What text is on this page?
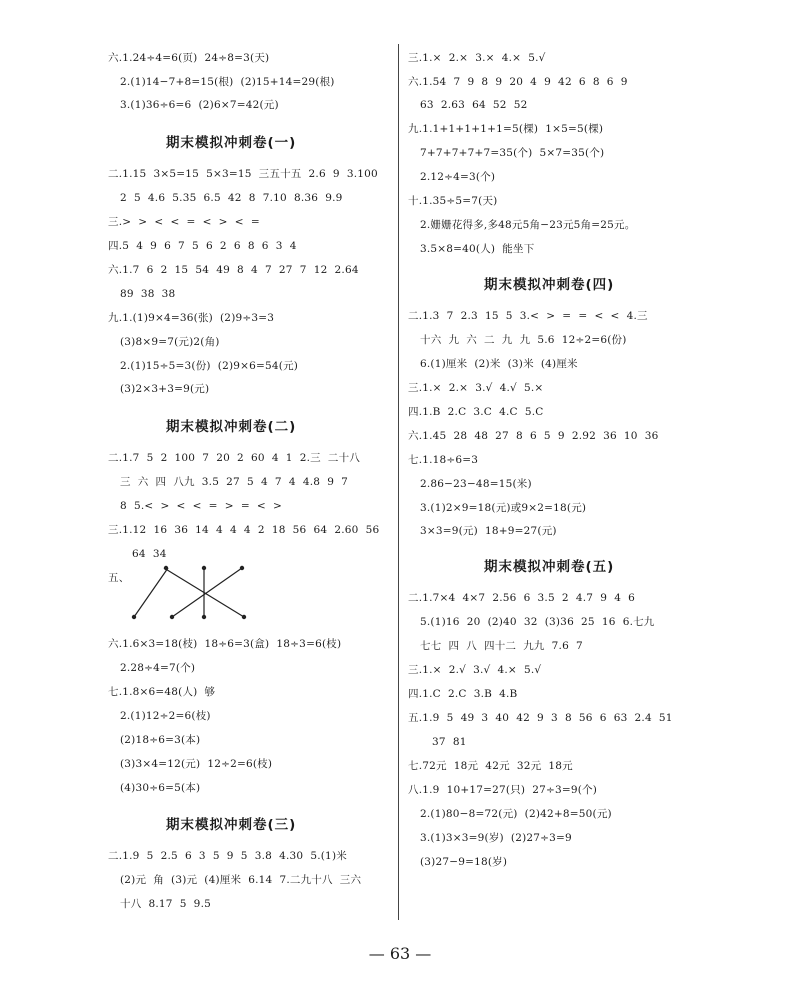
六.1.24÷4=6(页)  24÷8=3(天)
2.(1)14−7+8=15(根)  (2)15+14=29(根)
3.(1)36÷6=6  (2)6×7=42(元)
期末模拟冲刺卷(一)
二.1.15  3×5=15  5×3=15  三五十五  2.6  9  3.100
2  5  4.6  5.35  6.5  42  8  7.10  8.36  9.9
三.>  >  <  <  =  <  >  <  =
四.5  4  9  6  7  5  6  2  6  8  6  3  4
六.1.7  6  2  15  54  49  8  4  7  27  7  12  2.64
89  38  38
九.1.(1)9×4=36(张)  (2)9÷3=3
(3)8×9=7(元)2(角)
2.(1)15÷5=3(份)  (2)9×6=54(元)
(3)2×3+3=9(元)
期末模拟冲刺卷(二)
二.1.7  5  2  100  7  20  2  60  4  1  2.三  二十八
三  六  四  八九  3.5  27  5  4  7  4  4.8  9  7
8  5.<  >  <  <  =  >  =  <  >
三.1.12  16  36  14  4  4  4  2  18  56  64  2.60  56
64  34
五、
六.1.6×3=18(枝)  18÷6=3(盒)  18÷3=6(枝)
2.28÷4=7(个)
七.1.8×6=48(人)  够
2.(1)12÷2=6(枝)
(2)18÷6=3(本)
(3)3×4=12(元)  12÷2=6(枝)
(4)30÷6=5(本)
期末模拟冲刺卷(三)
二.1.9  5  2.5  6  3  5  9  5  3.8  4.30  5.(1)米
(2)元  角  (3)元  (4)厘米  6.14  7.二九十八  三六
十八  8.17  5  9.5
三.1.×  2.×  3.×  4.×  5.√
六.1.54  7  9  8  9  20  4  9  42  6  8  6  9
63  2.63  64  52  52
九.1.1+1+1+1+1=5(棵)  1×5=5(棵)
7+7+7+7+7=35(个)  5×7=35(个)
2.12÷4=3(个)
十.1.35÷5=7(天)
2.姗姗花得多,多48元5角−23元5角=25元。
3.5×8=40(人)  能坐下
期末模拟冲刺卷(四)
二.1.3  7  2.3  15  5  3.<  >  =  =  <  <  4.三
十六  九  六  二  九  九  5.6  12÷2=6(份)
6.(1)厘米  (2)米  (3)米  (4)厘米
三.1.×  2.×  3.√  4.√  5.×
四.1.B  2.C  3.C  4.C  5.C
六.1.45  28  48  27  8  6  5  9  2.92  36  10  36
七.1.18÷6=3
2.86−23−48=15(米)
3.(1)2×9=18(元)或9×2=18(元)
3×3=9(元)  18+9=27(元)
期末模拟冲刺卷(五)
二.1.7×4  4×7  2.56  6  3.5  2  4.7  9  4  6
5.(1)16  20  (2)40  32  (3)36  25  16  6.七九
七七  四  八  四十二  九九  7.6  7
三.1.×  2.√  3.√  4.×  5.√
四.1.C  2.C  3.B  4.B
五.1.9  5  49  3  40  42  9  3  8  56  6  63  2.4  51
37  81
七.72元  18元  42元  32元  18元
八.1.9  10+17=27(只)  27÷3=9(个)
2.(1)80−8=72(元)  (2)42+8=50(元)
3.(1)3×3=9(岁)  (2)27÷3=9
(3)27−9=18(岁)
— 63 —
